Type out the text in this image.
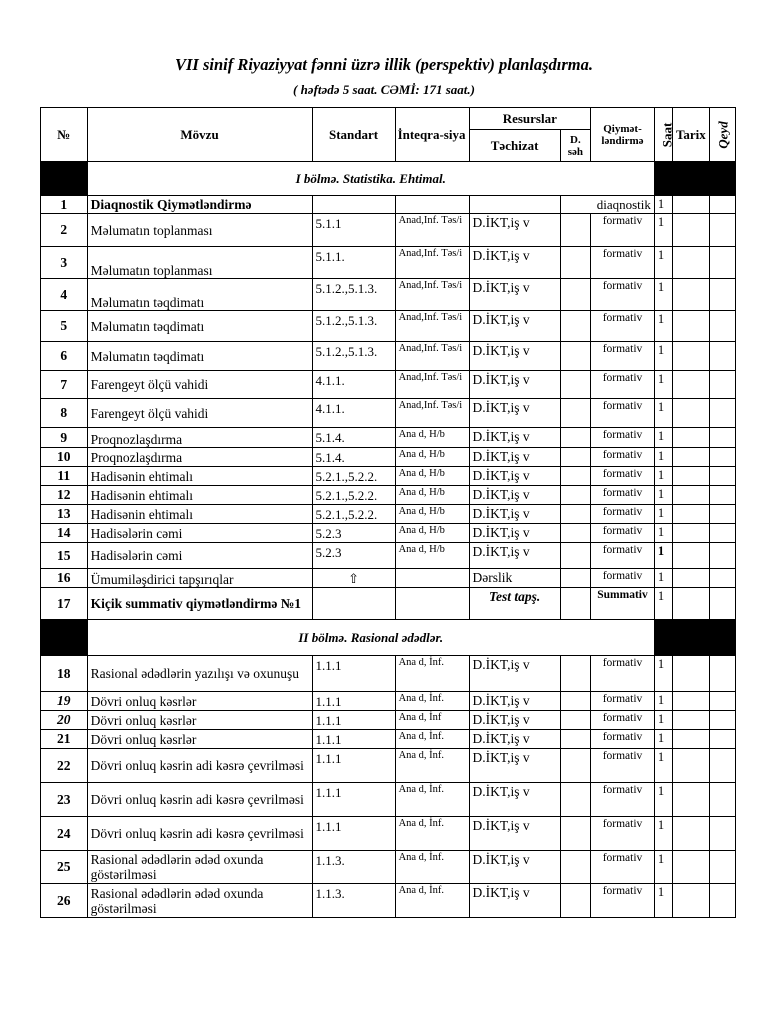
VII sinif Riyaziyyat fənni üzrə illik (perspektiv) planlaşdırma.
( həftədə 5 saat. CƏMİ: 171 saat.)
№	Mövzu	Standart	İnteqra-siya	Resurslar		Qiymət-ləndirmə	Saat	Tarix	Qeyd
				Təchizat	D. səh				
	I bölmə. Statistika. Ehtimal.								
1	Diaqnostik Qiymətləndirmə				diaqnostik		1		
2	Məlumatın toplanması	5.1.1	Anad,Inf. Təs/i	D.İKT,iş v		formativ	1		
3	Məlumatın toplanması	5.1.1.	Anad,Inf. Təs/i	D.İKT,iş v		formativ	1		
4	Məlumatın təqdimatı	5.1.2.,5.1.3.	Anad,Inf. Təs/i	D.İKT,iş v		formativ	1		
5	Məlumatın təqdimatı	5.1.2.,5.1.3.	Anad,Inf. Təs/i	D.İKT,iş v		formativ	1		
6	Məlumatın təqdimatı	5.1.2.,5.1.3.	Anad,Inf. Təs/i	D.İKT,iş v		formativ	1		
7	Farengeyt ölçü vahidi	4.1.1.	Anad,Inf. Təs/i	D.İKT,iş v		formativ	1		
8	Farengeyt ölçü vahidi	4.1.1.	Anad,Inf. Təs/i	D.İKT,iş v		formativ	1		
9	Proqnozlaşdırma	5.1.4.	Ana d, H/b	D.İKT,iş v		formativ	1		
10	Proqnozlaşdırma	5.1.4.	Ana d, H/b	D.İKT,iş v		formativ	1		
11	Hadisənin ehtimalı	5.2.1.,5.2.2.	Ana d, H/b	D.İKT,iş v		formativ	1		
12	Hadisənin ehtimalı	5.2.1.,5.2.2.	Ana d, H/b	D.İKT,iş v		formativ	1		
13	Hadisənin ehtimalı	5.2.1.,5.2.2.	Ana d, H/b	D.İKT,iş v		formativ	1		
14	Hadisələrin cəmi	5.2.3	Ana d, H/b	D.İKT,iş v		formativ	1		
15	Hadisələrin cəmi	5.2.3	Ana d, H/b	D.İKT,iş v		formativ	1		
16	Ümumiləşdirici tapşırıqlar	⇧		Dərslik		formativ	1		
17	Kiçik summativ qiymətləndirmə №1			Test tapş.		Summativ	1		
	II bölmə. Rasional ədədlər.								
18	Rasional ədədlərin yazılışı və oxunuşu	1.1.1	Ana d, İnf.	D.İKT,iş v		formativ	1		
19	Dövri onluq kəsrlər	1.1.1	Ana d, İnf.	D.İKT,iş v		formativ	1		
20	Dövri onluq kəsrlər	1.1.1	Ana d, İnf	D.İKT,iş v		formativ	1		
21	Dövri onluq kəsrlər	1.1.1	Ana d, İnf.	D.İKT,iş v		formativ	1		
22	Dövri onluq kəsrin adi kəsrə çevrilməsi	1.1.1	Ana d, İnf.	D.İKT,iş v		formativ	1		
23	Dövri onluq kəsrin adi kəsrə çevrilməsi	1.1.1	Ana d, İnf.	D.İKT,iş v		formativ	1		
24	Dövri onluq kəsrin adi kəsrə çevrilməsi	1.1.1	Ana d, İnf.	D.İKT,iş v		formativ	1		
25	Rasional ədədlərin ədəd oxunda göstərilməsi	1.1.3.	Ana d, İnf.	D.İKT,iş v		formativ	1		
26	Rasional ədədlərin ədəd oxunda göstərilməsi	1.1.3.	Ana d, İnf.	D.İKT,iş v		formativ	1		
